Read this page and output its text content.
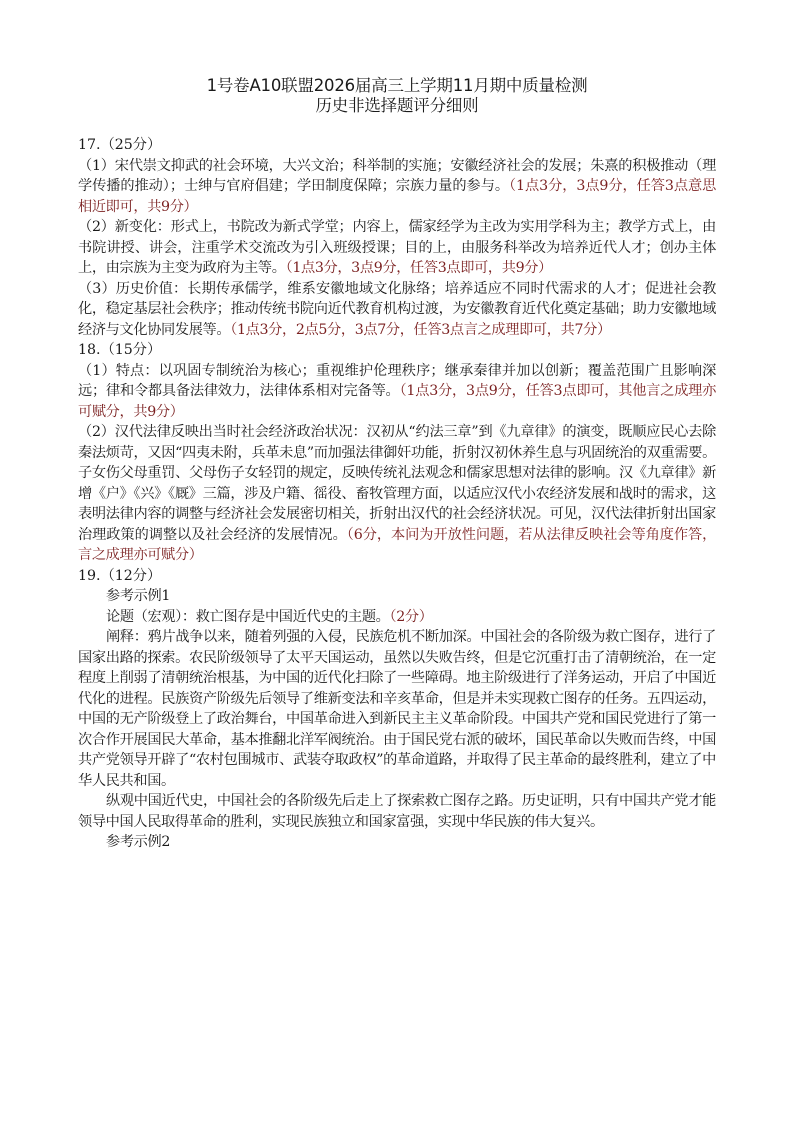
1号卷A10联盟2026届高三上学期11月期中质量检测

历史非选择题评分细则

17.（25分）

（1）宋代崇文抑武的社会环境，大兴文治；科举制的实施；安徽经济社会的发展；朱熹的积极推动（理学传播的推动）；士绅与官府倡建；学田制度保障；宗族力量的参与。（1点3分，3点9分，任答3点意思相近即可，共9分）

（2）新变化：形式上，书院改为新式学堂；内容上，儒家经学为主改为实用学科为主；教学方式上，由书院讲授、讲会，注重学术交流改为引入班级授课；目的上，由服务科举改为培养近代人才；创办主体上，由宗族为主变为政府为主等。（1点3分，3点9分，任答3点即可，共9分）

（3）历史价值：长期传承儒学，维系安徽地域文化脉络；培养适应不同时代需求的人才；促进社会教化，稳定基层社会秩序；推动传统书院向近代教育机构过渡，为安徽教育近代化奠定基础；助力安徽地域经济与文化协同发展等。（1点3分，2点5分，3点7分，任答3点言之成理即可，共7分）

18.（15分）

（1）特点：以巩固专制统治为核心；重视维护伦理秩序；继承秦律并加以创新；覆盖范围广且影响深远；律和令都具备法律效力，法律体系相对完备等。（1点3分，3点9分，任答3点即可，其他言之成理亦可赋分，共9分）

（2）汉代法律反映出当时社会经济政治状况：汉初从“约法三章”到《九章律》的演变，既顺应民心去除秦法烦苛，又因“四夷未附，兵革未息”而加强法律御奸功能，折射汉初休养生息与巩固统治的双重需要。子女伤父母重罚、父母伤子女轻罚的规定，反映传统礼法观念和儒家思想对法律的影响。汉《九章律》新增《户》《兴》《厩》三篇，涉及户籍、徭役、畜牧管理方面，以适应汉代小农经济发展和战时的需求，这表明法律内容的调整与经济社会发展密切相关，折射出汉代的社会经济状况。可见，汉代法律折射出国家治理政策的调整以及社会经济的发展情况。（6分，本问为开放性问题，若从法律反映社会等角度作答，言之成理亦可赋分）

19.（12分）

参考示例1

论题（宏观）：救亡图存是中国近代史的主题。（2分）

阐释：鸦片战争以来，随着列强的入侵，民族危机不断加深。中国社会的各阶级为救亡图存，进行了国家出路的探索。农民阶级领导了太平天国运动，虽然以失败告终，但是它沉重打击了清朝统治，在一定程度上削弱了清朝统治根基，为中国的近代化扫除了一些障碍。地主阶级进行了洋务运动，开启了中国近代化的进程。民族资产阶级先后领导了维新变法和辛亥革命，但是并未实现救亡图存的任务。五四运动，中国的无产阶级登上了政治舞台，中国革命进入到新民主主义革命阶段。中国共产党和国民党进行了第一次合作开展国民大革命，基本推翻北洋军阀统治。由于国民党右派的破坏，国民革命以失败而告终，中国共产党领导开辟了“农村包围城市、武装夺取政权”的革命道路，并取得了民主革命的最终胜利，建立了中华人民共和国。

纵观中国近代史，中国社会的各阶级先后走上了探索救亡图存之路。历史证明，只有中国共产党才能领导中国人民取得革命的胜利，实现民族独立和国家富强，实现中华民族的伟大复兴。

参考示例2
